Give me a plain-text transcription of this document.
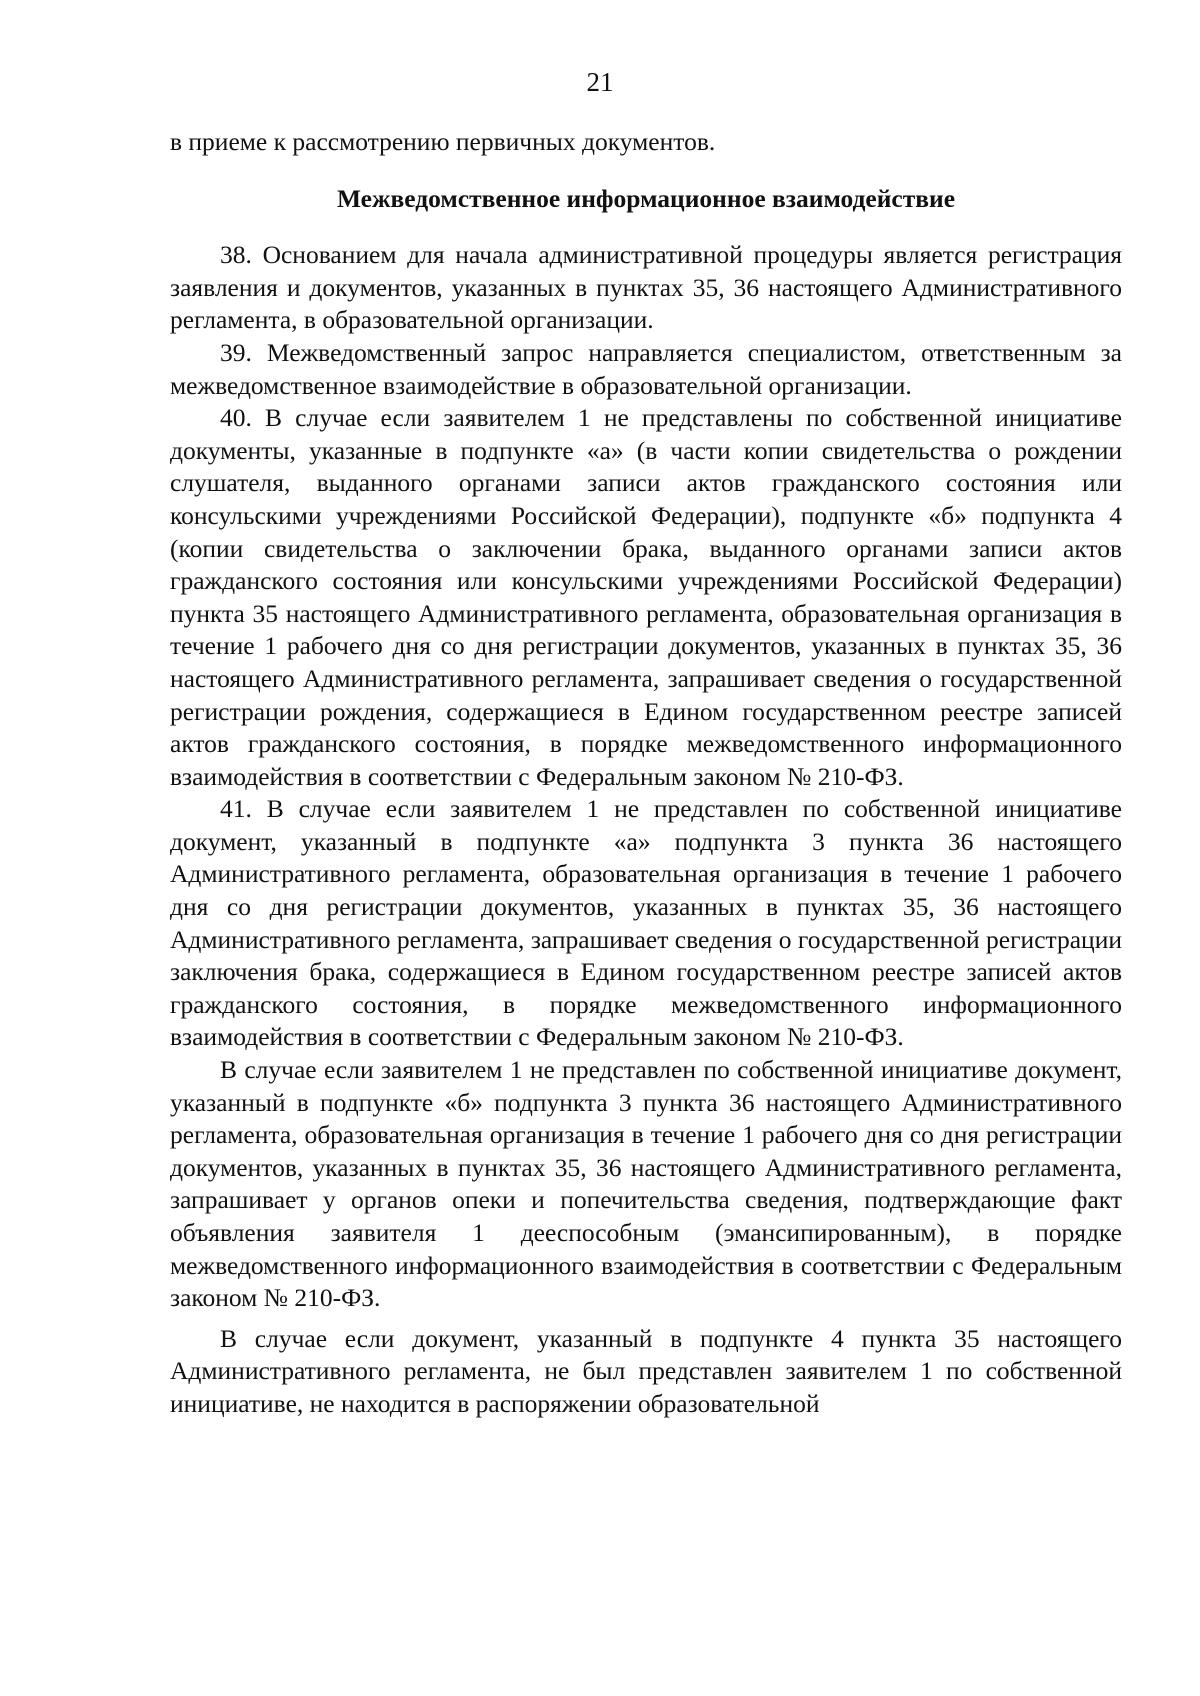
21

в приеме к рассмотрению первичных документов.

Межведомственное информационное взаимодействие

38. Основанием для начала административной процедуры является регистрация заявления и документов, указанных в пунктах 35, 36 настоящего Административного регламента, в образовательной организации.

39. Межведомственный запрос направляется специалистом, ответственным за межведомственное взаимодействие в образовательной организации.

40. В случае если заявителем 1 не представлены по собственной инициативе документы, указанные в подпункте «а» (в части копии свидетельства о рождении слушателя, выданного органами записи актов гражданского состояния или консульскими учреждениями Российской Федерации), подпункте «б» подпункта 4 (копии свидетельства о заключении брака, выданного органами записи актов гражданского состояния или консульскими учреждениями Российской Федерации) пункта 35 настоящего Административного регламента, образовательная организация в течение 1 рабочего дня со дня регистрации документов, указанных в пунктах 35, 36 настоящего Административного регламента, запрашивает сведения о государственной регистрации рождения, содержащиеся в Едином государственном реестре записей актов гражданского состояния, в порядке межведомственного информационного взаимодействия в соответствии с Федеральным законом № 210-ФЗ.

41. В случае если заявителем 1 не представлен по собственной инициативе документ, указанный в подпункте «а» подпункта 3 пункта 36 настоящего Административного регламента, образовательная организация в течение 1 рабочего дня со дня регистрации документов, указанных в пунктах 35, 36 настоящего Административного регламента, запрашивает сведения о государственной регистрации заключения брака, содержащиеся в Едином государственном реестре записей актов гражданского состояния, в порядке межведомственного информационного взаимодействия в соответствии с Федеральным законом № 210-ФЗ.

В случае если заявителем 1 не представлен по собственной инициативе документ, указанный в подпункте «б» подпункта 3 пункта 36 настоящего Административного регламента, образовательная организация в течение 1 рабочего дня со дня регистрации документов, указанных в пунктах 35, 36 настоящего Административного регламента, запрашивает у органов опеки и попечительства сведения, подтверждающие факт объявления заявителя 1 дееспособным (эмансипированным), в порядке межведомственного информационного взаимодействия в соответствии с Федеральным законом № 210-ФЗ.

В случае если документ, указанный в подпункте 4 пункта 35 настоящего Административного регламента, не был представлен заявителем 1 по собственной инициативе, не находится в распоряжении образовательной
